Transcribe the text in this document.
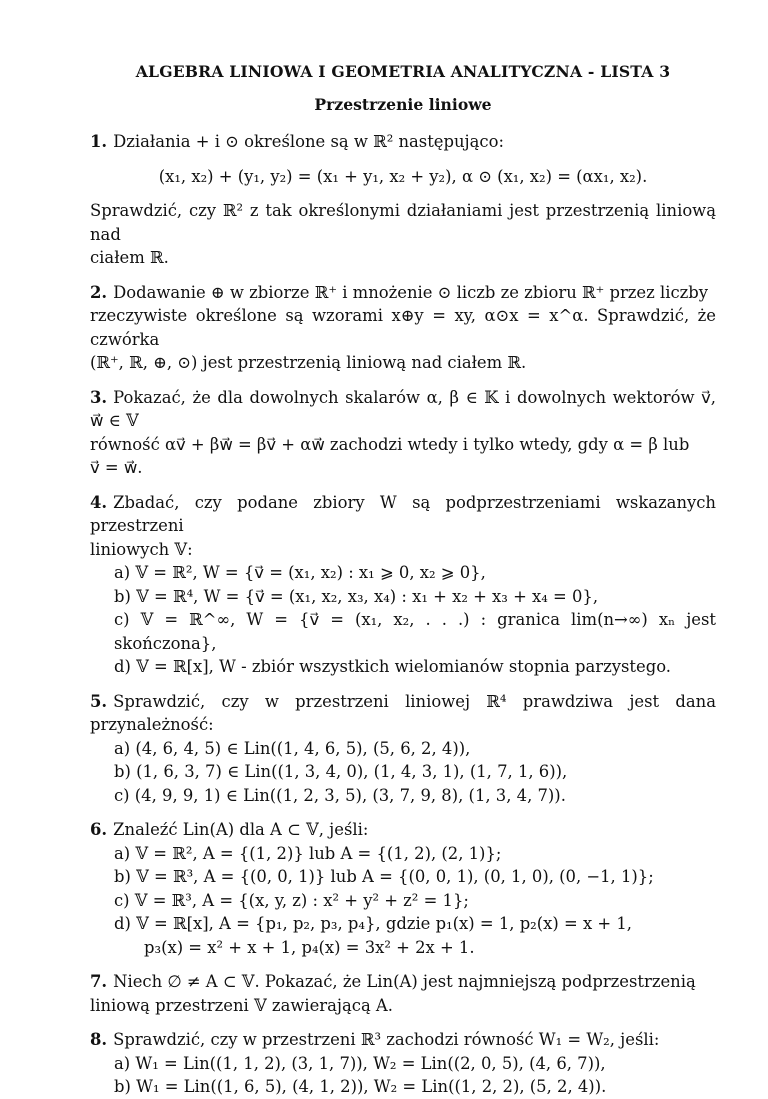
ALGEBRA LINIOWA I GEOMETRIA ANALITYCZNA - LISTA 3
Przestrzenie liniowe
1. Działania + i ⊙ określone są w ℝ² następująco:
(x₁, x₂) + (y₁, y₂) = (x₁ + y₁, x₂ + y₂), α ⊙ (x₁, x₂) = (αx₁, x₂).
Sprawdzić, czy ℝ² z tak określonymi działaniami jest przestrzenią liniową nad
ciałem ℝ.
2. Dodawanie ⊕ w zbiorze ℝ⁺ i mnożenie ⊙ liczb ze zbioru ℝ⁺ przez liczby
rzeczywiste określone są wzorami x⊕y = xy, α⊙x = x^α. Sprawdzić, że czwórka
(ℝ⁺, ℝ, ⊕, ⊙) jest przestrzenią liniową nad ciałem ℝ.
3. Pokazać, że dla dowolnych skalarów α, β ∈ 𝕂 i dowolnych wektorów v⃗, w⃗ ∈ 𝕍
równość αv⃗ + βw⃗ = βv⃗ + αw⃗ zachodzi wtedy i tylko wtedy, gdy α = β lub
v⃗ = w⃗.
4. Zbadać, czy podane zbiory W są podprzestrzeniami wskazanych przestrzeni
liniowych 𝕍:
a) 𝕍 = ℝ², W = {v⃗ = (x₁, x₂) : x₁ ⩾ 0, x₂ ⩾ 0},
b) 𝕍 = ℝ⁴, W = {v⃗ = (x₁, x₂, x₃, x₄) : x₁ + x₂ + x₃ + x₄ = 0},
c) 𝕍 = ℝ^∞, W = {v⃗ = (x₁, x₂, . . .) : granica lim(n→∞) xₙ jest skończona},
d) 𝕍 = ℝ[x], W - zbiór wszystkich wielomianów stopnia parzystego.
5. Sprawdzić, czy w przestrzeni liniowej ℝ⁴ prawdziwa jest dana przynależność:
a) (4, 6, 4, 5) ∈ Lin((1, 4, 6, 5), (5, 6, 2, 4)),
b) (1, 6, 3, 7) ∈ Lin((1, 3, 4, 0), (1, 4, 3, 1), (1, 7, 1, 6)),
c) (4, 9, 9, 1) ∈ Lin((1, 2, 3, 5), (3, 7, 9, 8), (1, 3, 4, 7)).
6. Znaleźć Lin(A) dla A ⊂ 𝕍, jeśli:
a) 𝕍 = ℝ², A = {(1, 2)} lub A = {(1, 2), (2, 1)};
b) 𝕍 = ℝ³, A = {(0, 0, 1)} lub A = {(0, 0, 1), (0, 1, 0), (0, −1, 1)};
c) 𝕍 = ℝ³, A = {(x, y, z) : x² + y² + z² = 1};
d) 𝕍 = ℝ[x], A = {p₁, p₂, p₃, p₄}, gdzie p₁(x) = 1, p₂(x) = x + 1,
p₃(x) = x² + x + 1, p₄(x) = 3x² + 2x + 1.
7. Niech ∅ ≠ A ⊂ 𝕍. Pokazać, że Lin(A) jest najmniejszą podprzestrzenią
liniową przestrzeni 𝕍 zawierającą A.
8. Sprawdzić, czy w przestrzeni ℝ³ zachodzi równość W₁ = W₂, jeśli:
a) W₁ = Lin((1, 1, 2), (3, 1, 7)), W₂ = Lin((2, 0, 5), (4, 6, 7)),
b) W₁ = Lin((1, 6, 5), (4, 1, 2)), W₂ = Lin((1, 2, 2), (5, 2, 4)).
